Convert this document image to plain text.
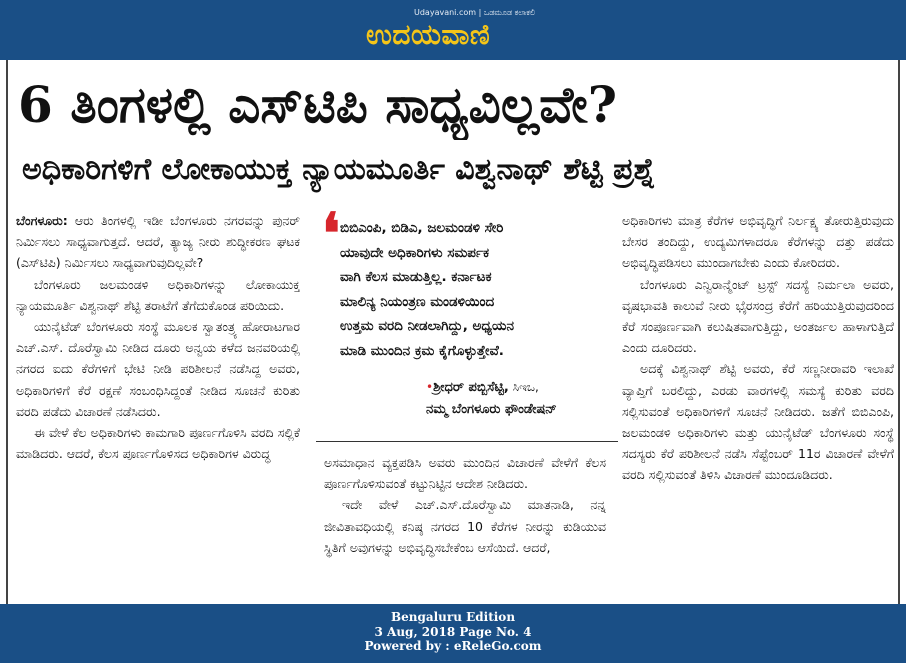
Udayavani.com | ಒಡಮೂಡ ಕಲಾಕಲಿ
ಉದಯವಾಣಿ
6 ತಿಂಗಳಲ್ಲಿ ಎಸ್‌ಟಿಪಿ ಸಾಧ್ಯವಿಲ್ಲವೇ?
ಅಧಿಕಾರಿಗಳಿಗೆ ಲೋಕಾಯುಕ್ತ ನ್ಯಾಯಮೂರ್ತಿ ವಿಶ್ವನಾಥ್‌ ಶೆಟ್ಟಿ ಪ್ರಶ್ನೆ

ಬೆಂಗಳೂರು: ಆರು ತಿಂಗಳಲ್ಲಿ ಇಡೀ ಬೆಂಗಳೂರು ನಗರವನ್ನು ಪುನರ್ ನಿರ್ಮಿಸಲು ಸಾಧ್ಯವಾಗುತ್ತದೆ. ಆದರೆ, ತ್ಯಾಜ್ಯ ನೀರು ಶುದ್ಧೀಕರಣ ಘಟಕ (ಎಸ್‌ಟಿಪಿ) ನಿರ್ಮಿಸಲು ಸಾಧ್ಯವಾಗುವುದಿಲ್ಲವೇ?

ಬೆಂಗಳೂರು ಜಲಮಂಡಳಿ ಅಧಿಕಾರಿಗಳನ್ನು ಲೋಕಾಯುಕ್ತ ನ್ಯಾಯಮೂರ್ತಿ ವಿಶ್ವನಾಥ್‌ ಶೆಟ್ಟಿ ತರಾಟೆಗೆ ತೆಗೆದುಕೊಂಡ ಪರಿಯಿದು.

ಯುನೈಟೆಡ್ ಬೆಂಗಳೂರು ಸಂಸ್ಥೆ ಮೂಲಕ ಸ್ವಾತಂತ್ರ್ಯ ಹೋರಾಟಗಾರ ಎಚ್.ಎಸ್. ದೊರೆಸ್ವಾಮಿ ನೀಡಿದ ದೂರು ಅನ್ವಯ ಕಳೆದ ಜನವರಿಯಲ್ಲಿ ನಗರದ ಐದು ಕೆರೆಗಳಿಗೆ ಭೇಟಿ ನೀಡಿ ಪರಿಶೀಲನೆ ನಡೆಸಿದ್ದ ಅವರು, ಅಧಿಕಾರಿಗಳಿಗೆ ಕೆರೆ ರಕ್ಷಣೆ ಸಂಬಂಧಿಸಿದ್ದಂತೆ ನೀಡಿದ ಸೂಚನೆ ಕುರಿತು ವರದಿ ಪಡೆದು ವಿಚಾರಣೆ ನಡೆಸಿದರು.

ಈ ವೇಳೆ ಕೆಲ ಅಧಿಕಾರಿಗಳು ಕಾಮಗಾರಿ ಪೂರ್ಣಗೊಳಿಸಿ ವರದಿ ಸಲ್ಲಿಕೆ ಮಾಡಿದರು. ಆದರೆ, ಕೆಲಸ ಪೂರ್ಣಗೊಳಿಸದ ಅಧಿಕಾರಿಗಳ ವಿರುದ್ಧ

❛ ಬಿಬಿಎಂಪಿ, ಬಿಡಿಎ, ಜಲಮಂಡಳಿ ಸೇರಿ
ಯಾವುದೇ ಅಧಿಕಾರಿಗಳು ಸಮರ್ಪಕ
ವಾಗಿ ಕೆಲಸ ಮಾಡುತ್ತಿಲ್ಲ. ಕರ್ನಾಟಕ
ಮಾಲಿನ್ಯ ನಿಯಂತ್ರಣ ಮಂಡಳಿಯಿಂದ
ಉತ್ತಮ ವರದಿ ನೀಡಲಾಗಿದ್ದು, ಅಧ್ಯಯನ
ಮಾಡಿ ಮುಂದಿನ ಕ್ರಮ ಕೈಗೊಳ್ಳುತ್ತೇವೆ.
•ಶ್ರೀಧರ್ ಪಬ್ಬಿಸೆಟ್ಟಿ, ಸಿಇಒ,
ನಮ್ಮ ಬೆಂಗಳೂರು ಫೌಂಡೇಷನ್

ಅಸಮಾಧಾನ ವ್ಯಕ್ತಪಡಿಸಿ ಅವರು ಮುಂದಿನ ವಿಚಾರಣೆ ವೇಳೆಗೆ ಕೆಲಸ ಪೂರ್ಣಗೊಳಿಸುವಂತೆ ಕಟ್ಟುನಿಟ್ಟಿನ ಆದೇಶ ನೀಡಿದರು.

ಇದೇ ವೇಳೆ ಎಚ್.ಎಸ್.ದೊರೆಸ್ವಾಮಿ ಮಾತನಾಡಿ, ನನ್ನ ಜೀವಿತಾವಧಿಯಲ್ಲಿ ಕನಿಷ್ಠ ನಗರದ 10 ಕೆರೆಗಳ ನೀರನ್ನು ಕುಡಿಯುವ ಸ್ಥಿತಿಗೆ ಅವುಗಳನ್ನು ಅಭಿವೃದ್ಧಿಸಬೇಕೆಂಬ ಆಸೆಯಿದೆ. ಆದರೆ,

ಅಧಿಕಾರಿಗಳು ಮಾತ್ರ ಕೆರೆಗಳ ಅಭಿವೃದ್ಧಿಗೆ ನಿರ್ಲಕ್ಷ್ಯ ತೋರುತ್ತಿರುವುದು ಬೇಸರ ತಂದಿದ್ದು, ಉದ್ಯಮಿಗಳಾದರೂ ಕೆರೆಗಳನ್ನು ದತ್ತು ಪಡೆದು ಅಭಿವೃದ್ಧಿಪಡಿಸಲು ಮುಂದಾಗಬೇಕು ಎಂದು ಕೋರಿದರು.

ಬೆಂಗಳೂರು ಎನ್ವಿರಾನ್ಮೆಂಟ್ ಟ್ರಸ್ಟ್ ಸದಸ್ಯೆ ನಿರ್ಮಲಾ ಅವರು, ವೃಷಭಾವತಿ ಕಾಲುವೆ ನೀರು ಭೈರಸಂದ್ರ ಕೆರೆಗೆ ಹರಿಯುತ್ತಿರುವುದರಿಂದ ಕೆರೆ ಸಂಪೂರ್ಣವಾಗಿ ಕಲುಷಿತವಾಗುತ್ತಿದ್ದು, ಅಂತರ್ಜಲ ಹಾಳಾಗುತ್ತಿದೆ ಎಂದು ದೂರಿದರು.

ಅದಕ್ಕೆ ವಿಶ್ವನಾಥ್‌ ಶೆಟ್ಟಿ ಅವರು, ಕೆರೆ ಸಣ್ಣನೀರಾವರಿ ಇಲಾಖೆ ವ್ಯಾಪ್ತಿಗೆ ಬರಲಿದ್ದು, ಎರಡು ವಾರಗಳಲ್ಲಿ ಸಮಸ್ಯೆ ಕುರಿತು ವರದಿ ಸಲ್ಲಿಸುವಂತೆ ಅಧಿಕಾರಿಗಳಿಗೆ ಸೂಚನೆ ನೀಡಿದರು. ಜತೆಗೆ ಬಿಬಿಎಂಪಿ, ಜಲಮಂಡಳಿ ಅಧಿಕಾರಿಗಳು ಮತ್ತು ಯುನೈಟೆಡ್ ಬೆಂಗಳೂರು ಸಂಸ್ಥೆ ಸದಸ್ಯರು ಕೆರೆ ಪರಿಶೀಲನೆ ನಡೆಸಿ ಸೆಪ್ಟೆಂಬರ್ 11ರ ವಿಚಾರಣೆ ವೇಳೆಗೆ ವರದಿ ಸಲ್ಲಿಸುವಂತೆ ತಿಳಿಸಿ ವಿಚಾರಣೆ ಮುಂದೂಡಿದರು.

Bengaluru Edition
3 Aug, 2018 Page No. 4
Powered by : eReleGo.com
